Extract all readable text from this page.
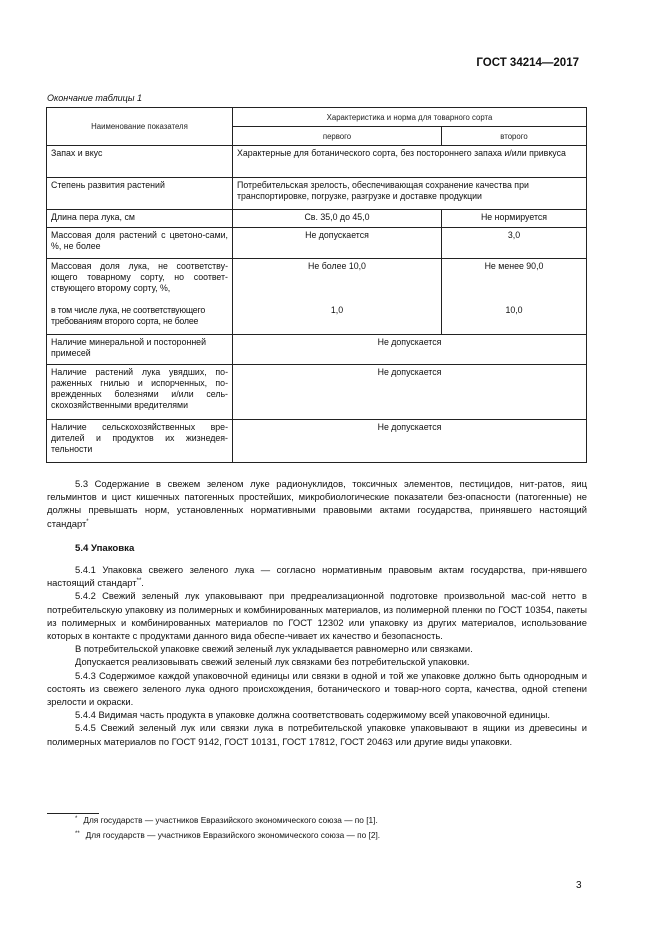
ГОСТ 34214—2017
Окончание таблицы 1
Наименование показателя	Характеристика и норма для товарного сорта	
	первого	второго
Запах и вкус	Характерные для ботанического сорта, без постороннего запаха и/или привкуса	
Степень развития растений	Потребительская зрелость, обеспечивающая сохранение качества при транспортировке, погрузке, разгрузке и доставке продукции	
Длина пера лука, см	Св. 35,0 до 45,0	Не нормируется
Массовая доля растений с цветоно-сами, %, не более	Не допускается	3,0
Массовая доля лука, не соответству-ющего товарному сорту, но соответ-ствующего второму сорту, %,	Не более 10,0	Не менее 90,0
в том числе лука, не соответствующего требованиям второго сорта, не более	1,0	10,0
Наличие минеральной и посторонней примесей	Не допускается	
Наличие растений лука увядших, по-раженных гнилью и испорченных, по-врежденных болезнями и/или сель-скохозяйственными вредителями	Не допускается	
Наличие сельскохозяйственных вре-дителей и продуктов их жизнедея-тельности	Не допускается	

5.3 Содержание в свежем зеленом луке радионуклидов, токсичных элементов, пестицидов, нит-ратов, яиц гельминтов и цист кишечных патогенных простейших, микробиологические показатели без-опасности (патогенные) не должны превышать норм, установленных нормативными правовыми актами государства, принявшего настоящий стандарт*

5.4 Упаковка

5.4.1 Упаковка свежего зеленого лука — согласно нормативным правовым актам государства, при-нявшего настоящий стандарт**.

5.4.2 Свежий зеленый лук упаковывают при предреализационной подготовке произвольной мас-сой нетто в потребительскую упаковку из полимерных и комбинированных материалов, из полимерной пленки по ГОСТ 10354, пакеты из полимерных и комбинированных материалов по ГОСТ 12302 или упаковку из других материалов, использование которых в контакте с продуктами данного вида обеспе-чивает их качество и безопасность.

В потребительской упаковке свежий зеленый лук укладывается равномерно или связками.

Допускается реализовывать свежий зеленый лук связками без потребительской упаковки.

5.4.3 Содержимое каждой упаковочной единицы или связки в одной и той же упаковке должно быть однородным и состоять из свежего зеленого лука одного происхождения, ботанического и товар-ного сорта, качества, одной степени зрелости и окраски.

5.4.4 Видимая часть продукта в упаковке должна соответствовать содержимому всей упаковочной единицы.

5.4.5 Свежий зеленый лук или связки лука в потребительской упаковке упаковывают в ящики из древесины и полимерных материалов по ГОСТ 9142, ГОСТ 10131, ГОСТ 17812, ГОСТ 20463 или другие виды упаковки.

* Для государств — участников Евразийского экономического союза — по [1].
** Для государств — участников Евразийского экономического союза — по [2].
3
